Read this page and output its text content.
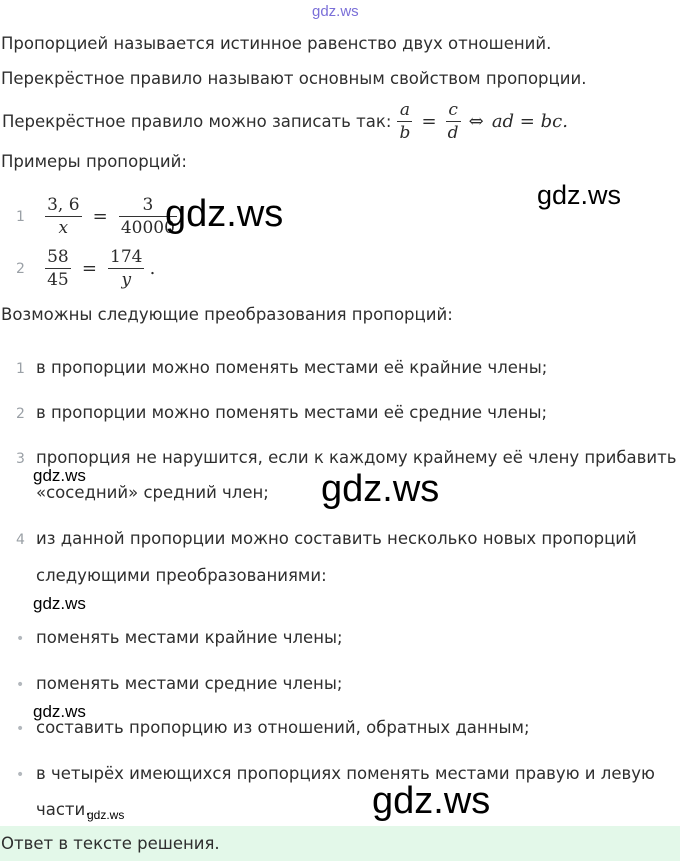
gdz.ws
Пропорцией называется истинное равенство двух отношений.
Перекрёстное правило называют основным свойством пропорции.
Перекрёстное правило можно записать так: $\frac{a}{b} = \frac{c}{d}$ ⇔ ad = bc.
Примеры пропорций:
gdz.ws
$1 \frac{3, 6}{x} = \frac{3}{40000}$
gdz.ws
$2 \frac{58}{45} = \frac{174}{y}$ .
Возможны следующие преобразования пропорций:
1 в пропорции можно поменять местами её крайние члены;
2 в пропорции можно поменять местами её средние члены;
3 пропорция не нарушится, если к каждому крайнему её члену прибавить
«соседний» средний член;
gdz.ws	gdz.ws
4 из данной пропорции можно составить несколько новых пропорций
следующими преобразованиями:
gdz.ws
• поменять местами крайние члены;
• поменять местами средние члены;
gdz.ws
• составить пропорцию из отношений, обратных данным;
• в четырёх имеющихся пропорциях поменять местами правую и левую
части.
gdz.ws	gdz.ws
Ответ в тексте решения.
